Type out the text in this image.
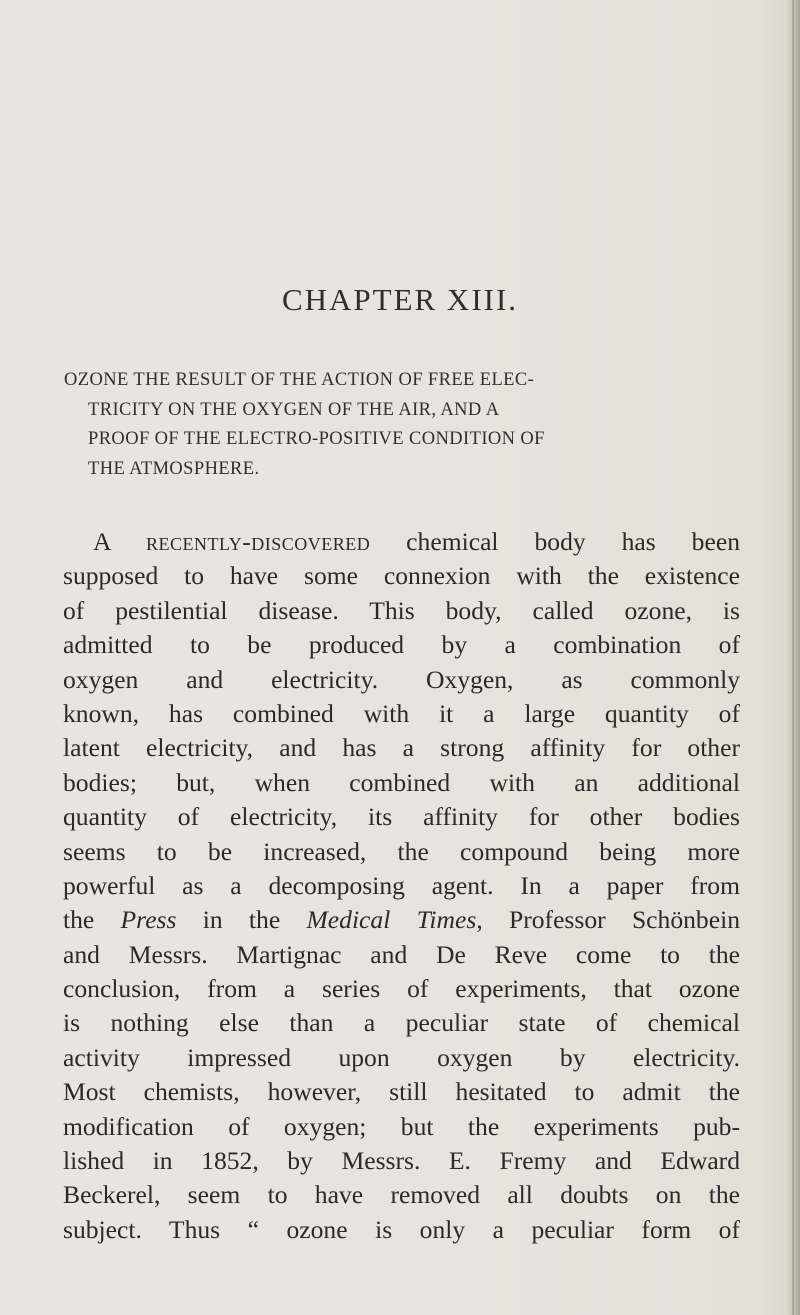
CHAPTER XIII.
OZONE THE RESULT OF THE ACTION OF FREE ELEC-
TRICITY ON THE OXYGEN OF THE AIR, AND A
PROOF OF THE ELECTRO-POSITIVE CONDITION OF
THE ATMOSPHERE.
A recently-discovered chemical body has been
supposed to have some connexion with the existence
of pestilential disease. This body, called ozone, is
admitted to be produced by a combination of
oxygen and electricity. Oxygen, as commonly
known, has combined with it a large quantity of
latent electricity, and has a strong affinity for other
bodies; but, when combined with an additional
quantity of electricity, its affinity for other bodies
seems to be increased, the compound being more
powerful as a decomposing agent. In a paper from
the Press in the Medical Times, Professor Schönbein
and Messrs. Martignac and De Reve come to the
conclusion, from a series of experiments, that ozone
is nothing else than a peculiar state of chemical
activity impressed upon oxygen by electricity.
Most chemists, however, still hesitated to admit the
modification of oxygen; but the experiments pub-
lished in 1852, by Messrs. E. Fremy and Edward
Beckerel, seem to have removed all doubts on the
subject. Thus “ ozone is only a peculiar form of
